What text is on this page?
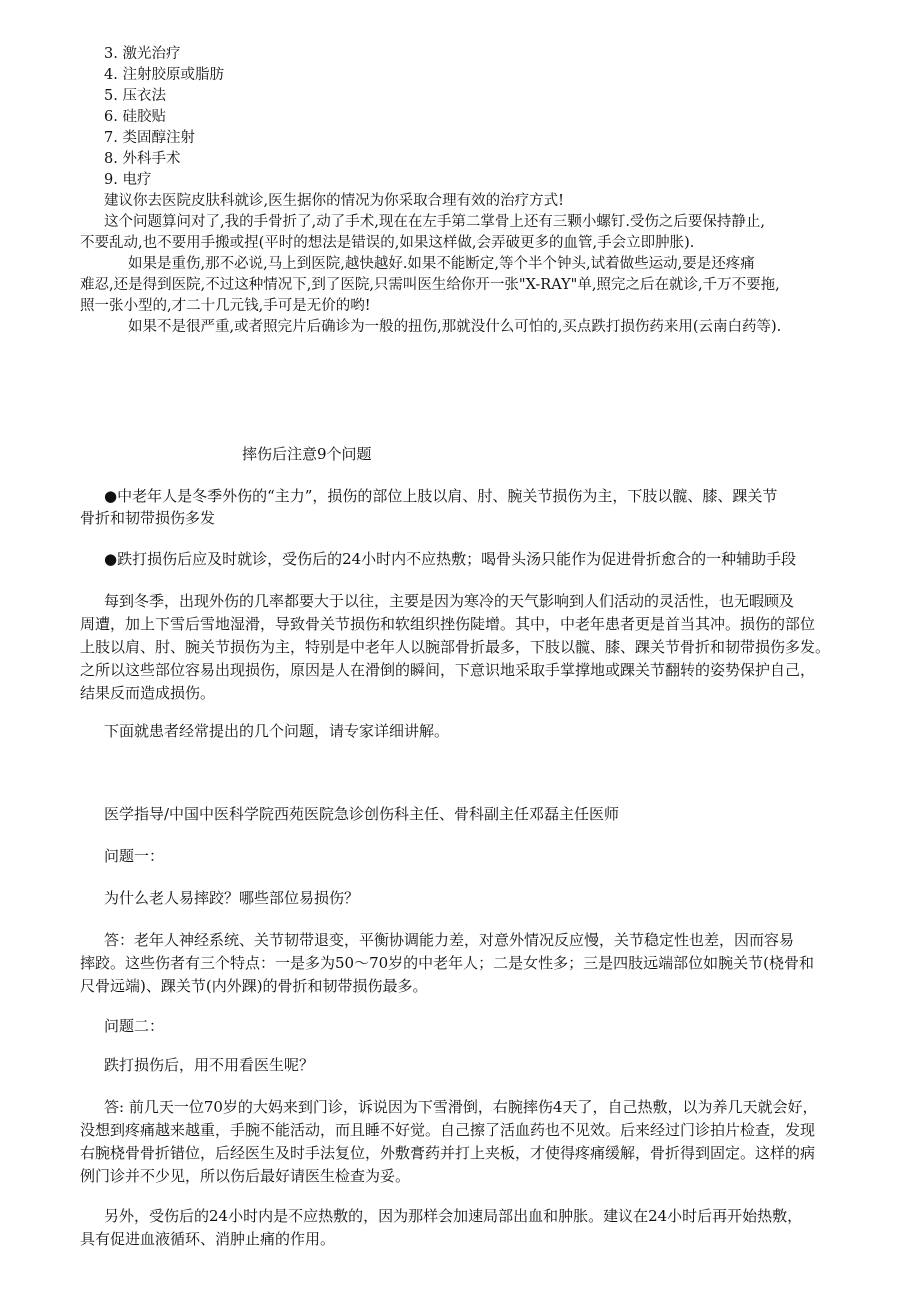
3. 激光治疗
4. 注射胶原或脂肪
5. 压衣法
6. 硅胶贴
7. 类固醇注射
8. 外科手术
9. 电疗
建议你去医院皮肤科就诊,医生据你的情况为你采取合理有效的治疗方式!
这个问题算问对了,我的手骨折了,动了手术,现在在左手第二掌骨上还有三颗小螺钉.受伤之后要保持静止,
不要乱动,也不要用手搬或捏(平时的想法是错误的,如果这样做,会弄破更多的血管,手会立即肿胀).
如果是重伤,那不必说,马上到医院,越快越好.如果不能断定,等个半个钟头,试着做些运动,要是还疼痛
难忍,还是得到医院,不过这种情况下,到了医院,只需叫医生给你开一张"X-RAY"单,照完之后在就诊,千万不要拖,
照一张小型的,才二十几元钱,手可是无价的哟!
如果不是很严重,或者照完片后确诊为一般的扭伤,那就没什么可怕的,买点跌打损伤药来用(云南白药等).
摔伤后注意9个问题
●中老年人是冬季外伤的“主力”，损伤的部位上肢以肩、肘、腕关节损伤为主，下肢以髋、膝、踝关节
骨折和韧带损伤多发
●跌打损伤后应及时就诊，受伤后的24小时内不应热敷；喝骨头汤只能作为促进骨折愈合的一种辅助手段
每到冬季，出现外伤的几率都要大于以往，主要是因为寒冷的天气影响到人们活动的灵活性，也无暇顾及
周遭，加上下雪后雪地湿滑，导致骨关节损伤和软组织挫伤陡增。其中，中老年患者更是首当其冲。损伤的部位
上肢以肩、肘、腕关节损伤为主，特别是中老年人以腕部骨折最多，下肢以髋、膝、踝关节骨折和韧带损伤多发。
之所以这些部位容易出现损伤，原因是人在滑倒的瞬间，下意识地采取手掌撑地或踝关节翻转的姿势保护自己，
结果反而造成损伤。
下面就患者经常提出的几个问题，请专家详细讲解。
医学指导/中国中医科学院西苑医院急诊创伤科主任、骨科副主任邓磊主任医师
问题一：
为什么老人易摔跤？哪些部位易损伤？
答：老年人神经系统、关节韧带退变，平衡协调能力差，对意外情况反应慢，关节稳定性也差，因而容易
摔跤。这些伤者有三个特点：一是多为50～70岁的中老年人；二是女性多；三是四肢远端部位如腕关节(桡骨和
尺骨远端)、踝关节(内外踝)的骨折和韧带损伤最多。
问题二：
跌打损伤后，用不用看医生呢？
答: 前几天一位70岁的大妈来到门诊，诉说因为下雪滑倒，右腕摔伤4天了，自己热敷，以为养几天就会好，
没想到疼痛越来越重，手腕不能活动，而且睡不好觉。自己擦了活血药也不见效。后来经过门诊拍片检查，发现
右腕桡骨骨折错位，后经医生及时手法复位，外敷膏药并打上夹板，才使得疼痛缓解，骨折得到固定。这样的病
例门诊并不少见，所以伤后最好请医生检查为妥。
另外，受伤后的24小时内是不应热敷的，因为那样会加速局部出血和肿胀。建议在24小时后再开始热敷，
具有促进血液循环、消肿止痛的作用。
